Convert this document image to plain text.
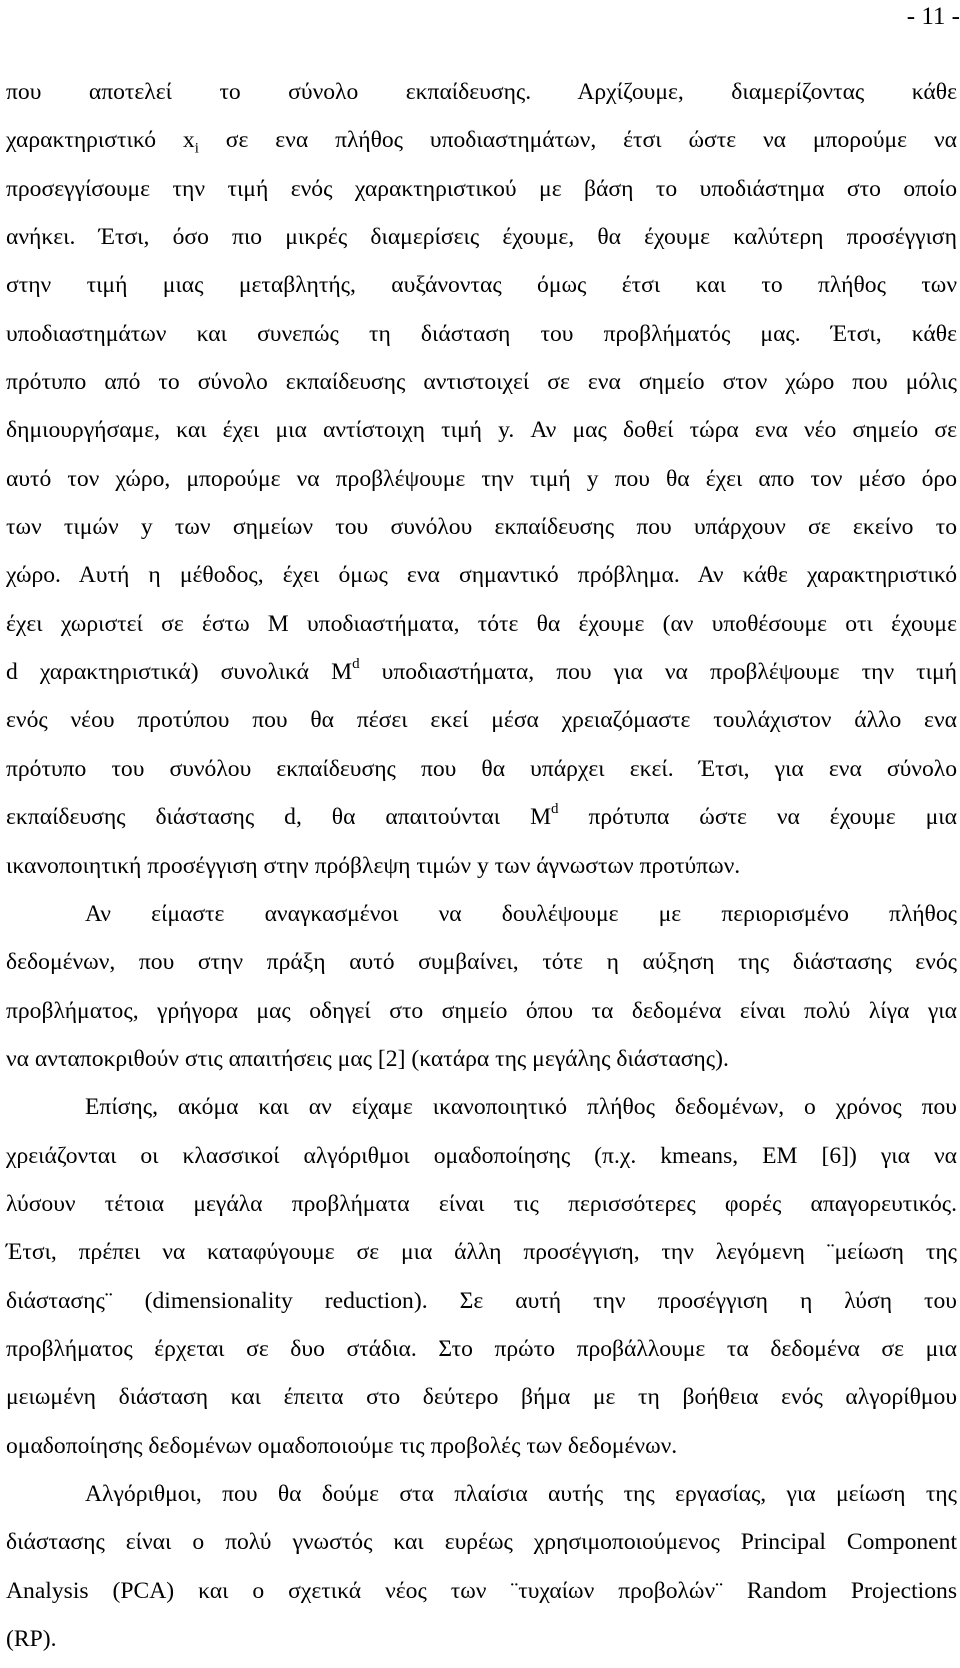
- 11 -
που αποτελεί το σύνολο εκπαίδευσης. Αρχίζουμε, διαμερίζοντας κάθε
χαρακτηριστικό $x_i$ σε ενα πλήθος υποδιαστημάτων, έτσι ώστε να μπορούμε να
προσεγγίσουμε την τιμή ενός χαρακτηριστικού με βάση το υποδιάστημα στο οποίο
ανήκει. Έτσι, όσο πιο μικρές διαμερίσεις έχουμε, θα έχουμε καλύτερη προσέγγιση
στην τιμή μιας μεταβλητής, αυξάνοντας όμως έτσι και το πλήθος των
υποδιαστημάτων και συνεπώς τη διάσταση του προβλήματός μας. Έτσι, κάθε
πρότυπο από το σύνολο εκπαίδευσης αντιστοιχεί σε ενα σημείο στον χώρο που μόλις
δημιουργήσαμε, και έχει μια αντίστοιχη τιμή y. Αν μας δοθεί τώρα ενα νέο σημείο σε
αυτό τον χώρο, μπορούμε να προβλέψουμε την τιμή y που θα έχει απο τον μέσο όρο
των τιμών y των σημείων του συνόλου εκπαίδευσης που υπάρχουν σε εκείνο το
χώρο. Αυτή η μέθοδος, έχει όμως ενα σημαντικό πρόβλημα. Αν κάθε χαρακτηριστικό
έχει χωριστεί σε έστω Μ υποδιαστήματα, τότε θα έχουμε (αν υποθέσουμε οτι έχουμε
d χαρακτηριστικά) συνολικά $M^d$ υποδιαστήματα, που για να προβλέψουμε την τιμή
ενός νέου προτύπου που θα πέσει εκεί μέσα χρειαζόμαστε τουλάχιστον άλλο ενα
πρότυπο του συνόλου εκπαίδευσης που θα υπάρχει εκεί. Έτσι, για ενα σύνολο
εκπαίδευσης διάστασης d, θα απαιτούνται $M^d$ πρότυπα ώστε να έχουμε μια
ικανοποιητική προσέγγιση στην πρόβλεψη τιμών y των άγνωστων προτύπων.
Αν είμαστε αναγκασμένοι να δουλέψουμε με περιορισμένο πλήθος
δεδομένων, που στην πράξη αυτό συμβαίνει, τότε η αύξηση της διάστασης ενός
προβλήματος, γρήγορα μας οδηγεί στο σημείο όπου τα δεδομένα είναι πολύ λίγα για
να ανταποκριθούν στις απαιτήσεις μας [2] (κατάρα της μεγάλης διάστασης).
Επίσης, ακόμα και αν είχαμε ικανοποιητικό πλήθος δεδομένων, ο χρόνος που
χρειάζονται οι κλασσικοί αλγόριθμοι ομαδοποίησης (π.χ. kmeans, EM [6]) για να
λύσουν τέτοια μεγάλα προβλήματα είναι τις περισσότερες φορές απαγορευτικός.
Έτσι, πρέπει να καταφύγουμε σε μια άλλη προσέγγιση, την λεγόμενη ¨μείωση της
διάστασης¨ (dimensionality reduction). Σε αυτή την προσέγγιση η λύση του
προβλήματος έρχεται σε δυο στάδια. Στο πρώτο προβάλλουμε τα δεδομένα σε μια
μειωμένη διάσταση και έπειτα στο δεύτερο βήμα με τη βοήθεια ενός αλγορίθμου
ομαδοποίησης δεδομένων ομαδοποιούμε τις προβολές των δεδομένων.
Αλγόριθμοι, που θα δούμε στα πλαίσια αυτής της εργασίας, για μείωση της
διάστασης είναι ο πολύ γνωστός και ευρέως χρησιμοποιούμενος Principal Component
Analysis (PCA) και ο σχετικά νέος των ¨τυχαίων προβολών¨ Random Projections
(RP).
